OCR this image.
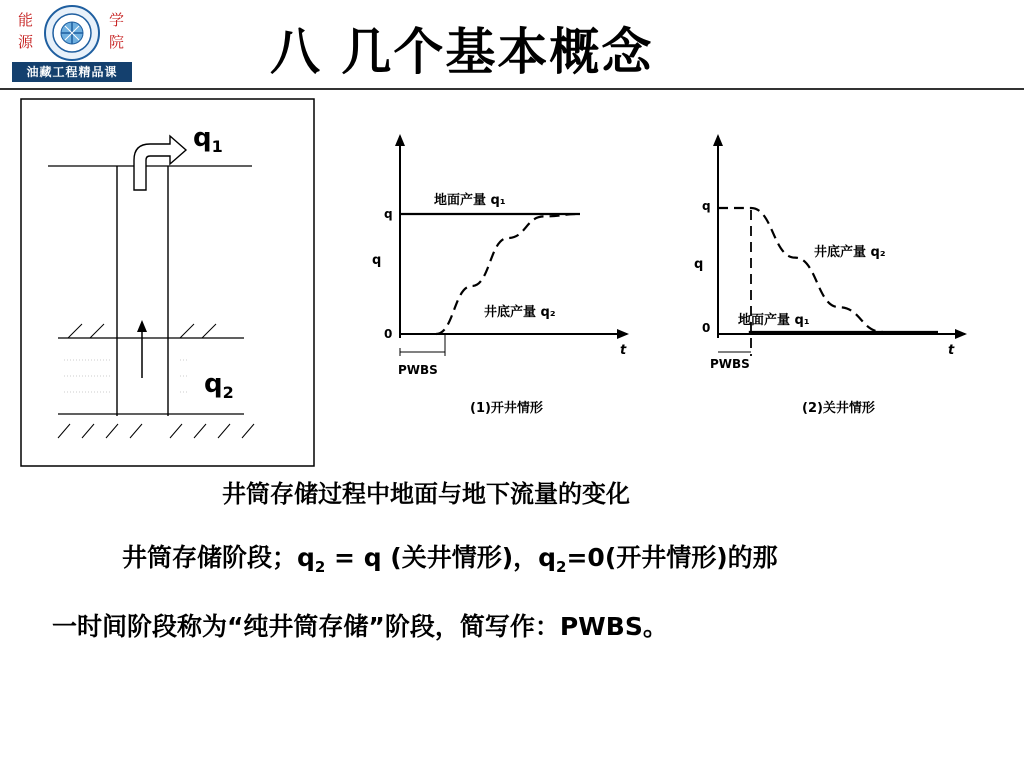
能
源
学
院
油藏工程精品课	八 几个基本概念
$q_1$
$q_2$
q
t
q
0
PWBS
地面产量 q₁
井底产量 q₂
(1)开井情形
q
t
q
0
PWBS
井底产量 q₂
地面产量 q₁
(2)关井情形
井筒存储过程中地面与地下流量的变化
井筒存储阶段；$q_2 = q$ (关井情形)，$q_2=0$(开井情形)的那
一时间阶段称为“纯井筒存储”阶段，简写作：PWBS。
